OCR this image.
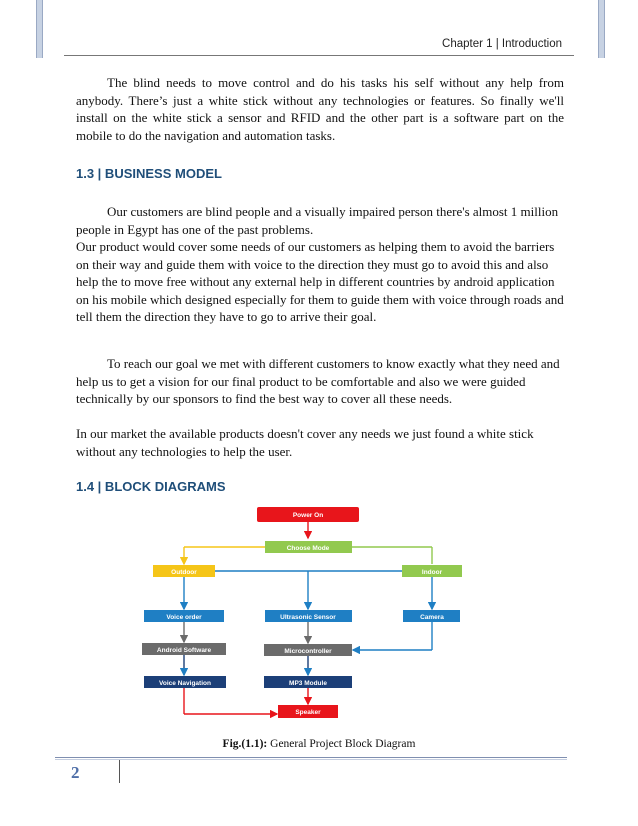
Chapter 1 | Introduction

The blind needs to move control and do his tasks his self without any help from anybody. There’s just a white stick without any technologies or features. So finally we'll install on the white stick a sensor and RFID and the other part is a software part on the mobile to do the navigation and automation tasks.

1.3 | BUSINESS MODEL

Our customers are blind people and a visually impaired person there's almost 1 million people in Egypt has one of the past problems.

Our product would cover some needs of our customers as helping them to avoid the barriers on their way and guide them with voice to the direction they must go to avoid this and also help the to move free without any external help in different countries by android application on his mobile which designed especially for them to guide them with voice through roads and tell them the direction they have to go to arrive their goal.

To reach our goal we met with different customers to know exactly what they need and help us to get a vision for our final product to be comfortable and also we were guided technically by our sponsors to find the best way to cover all these needs.

In our market the available products doesn't cover any needs we just found a white stick without any technologies to help the user.

1.4 | BLOCK DIAGRAMS
Power On
Choose Mode
Outdoor	Indoor
Voice order	Ultrasonic Sensor	Camera
Android Software	Microcontroller
Voice Navigation	MP3 Module
Speaker
Fig.(1.1): General Project Block Diagram
2
